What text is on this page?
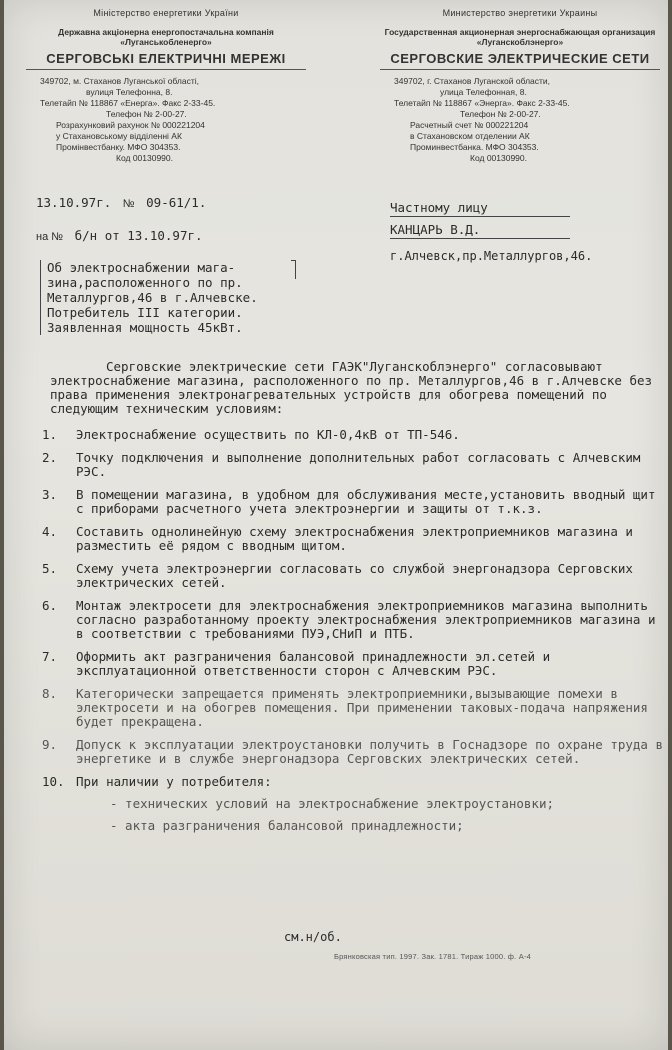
Міністерство енергетики України
Державна акціонерна енергопостачальна компанія «Луганськобленерго»
СЕРГОВСЬКІ ЕЛЕКТРИЧНІ МЕРЕЖІ
349702, м. Стаханов Луганської області,
вулиця Телефонна, 8.
Телетайп № 118867 «Енерга». Факс 2-33-45.
Телефон № 2-00-27.
Розрахунковий рахунок № 000221204
у Стахановському відділенні АК
Промінвестбанку. МФО 304353.
Код 00130990.
Министерство энергетики Украины
Государственная акционерная энергоснабжающая организация «Луганскоблэнерго»
СЕРГОВСКИЕ ЭЛЕКТРИЧЕСКИЕ СЕТИ
349702, г. Стаханов Луганской области,
улица Телефонная, 8.
Телетайп № 118867 «Энерга». Факс 2-33-45.
Телефон № 2-00-27.
Расчетный счет № 000221204
в Стахановском отделении АК
Проминвестбанка. МФО 304353.
Код 00130990.
13.10.97г. № 09-61/1.
на № б/н от 13.10.97г.
Частному лицу
КАНЦАРЬ В.Д.
г.Алчевск,пр.Металлургов,46.
Об электроснабжении мага-
зина,расположенного по пр.
Металлургов,46 в г.Алчевске.
Потребитель III категории.
Заявленная мощность 45кВт.

Серговские электрические сети ГАЭК"Луганскоблэнерго" согласовывают электроснабжение магазина, расположенного по пр. Металлургов,46 в г.Алчевске без права применения электронагревательных устройств для обогрева помещений по следующим техническим условиям:

1.	Электроснабжение осуществить по КЛ-0,4кВ от ТП-546.
2.	Точку подключения и выполнение дополнительных работ согласовать с Алчевским РЭС.
3.	В помещении магазина, в удобном для обслуживания месте,установить вводный щит с приборами расчетного учета электроэнергии и защиты от т.к.з.
4.	Составить однолинейную схему электроснабжения электроприемников магазина и разместить её рядом с вводным щитом.
5.	Схему учета электроэнергии согласовать со службой энергонадзора Серговских электрических сетей.
6.	Монтаж электросети для электроснабжения электроприемников магазина выполнить согласно разработанному проекту электроснабжения электроприемников магазина и в соответствии с требованиями ПУЭ,СНиП и ПТБ.
7.	Оформить акт разграничения балансовой принадлежности эл.сетей и эксплуатационной ответственности сторон с Алчевским РЭС.
8.	Категорически запрещается применять электроприемники,вызывающие помехи в электросети и на обогрев помещения. При применении таковых-подача напряжения будет прекращена.
9.	Допуск к эксплуатации электроустановки получить в Госнадзоре по охране труда в энергетике и в службе энергонадзора Серговских электрических сетей.
10. При наличии у потребителя:
- технических условий на электроснабжение электроустановки;
- акта разграничения балансовой принадлежности;
см.н/об.
Брянковская тип. 1997. Зак. 1781. Тираж 1000. ф. А-4
